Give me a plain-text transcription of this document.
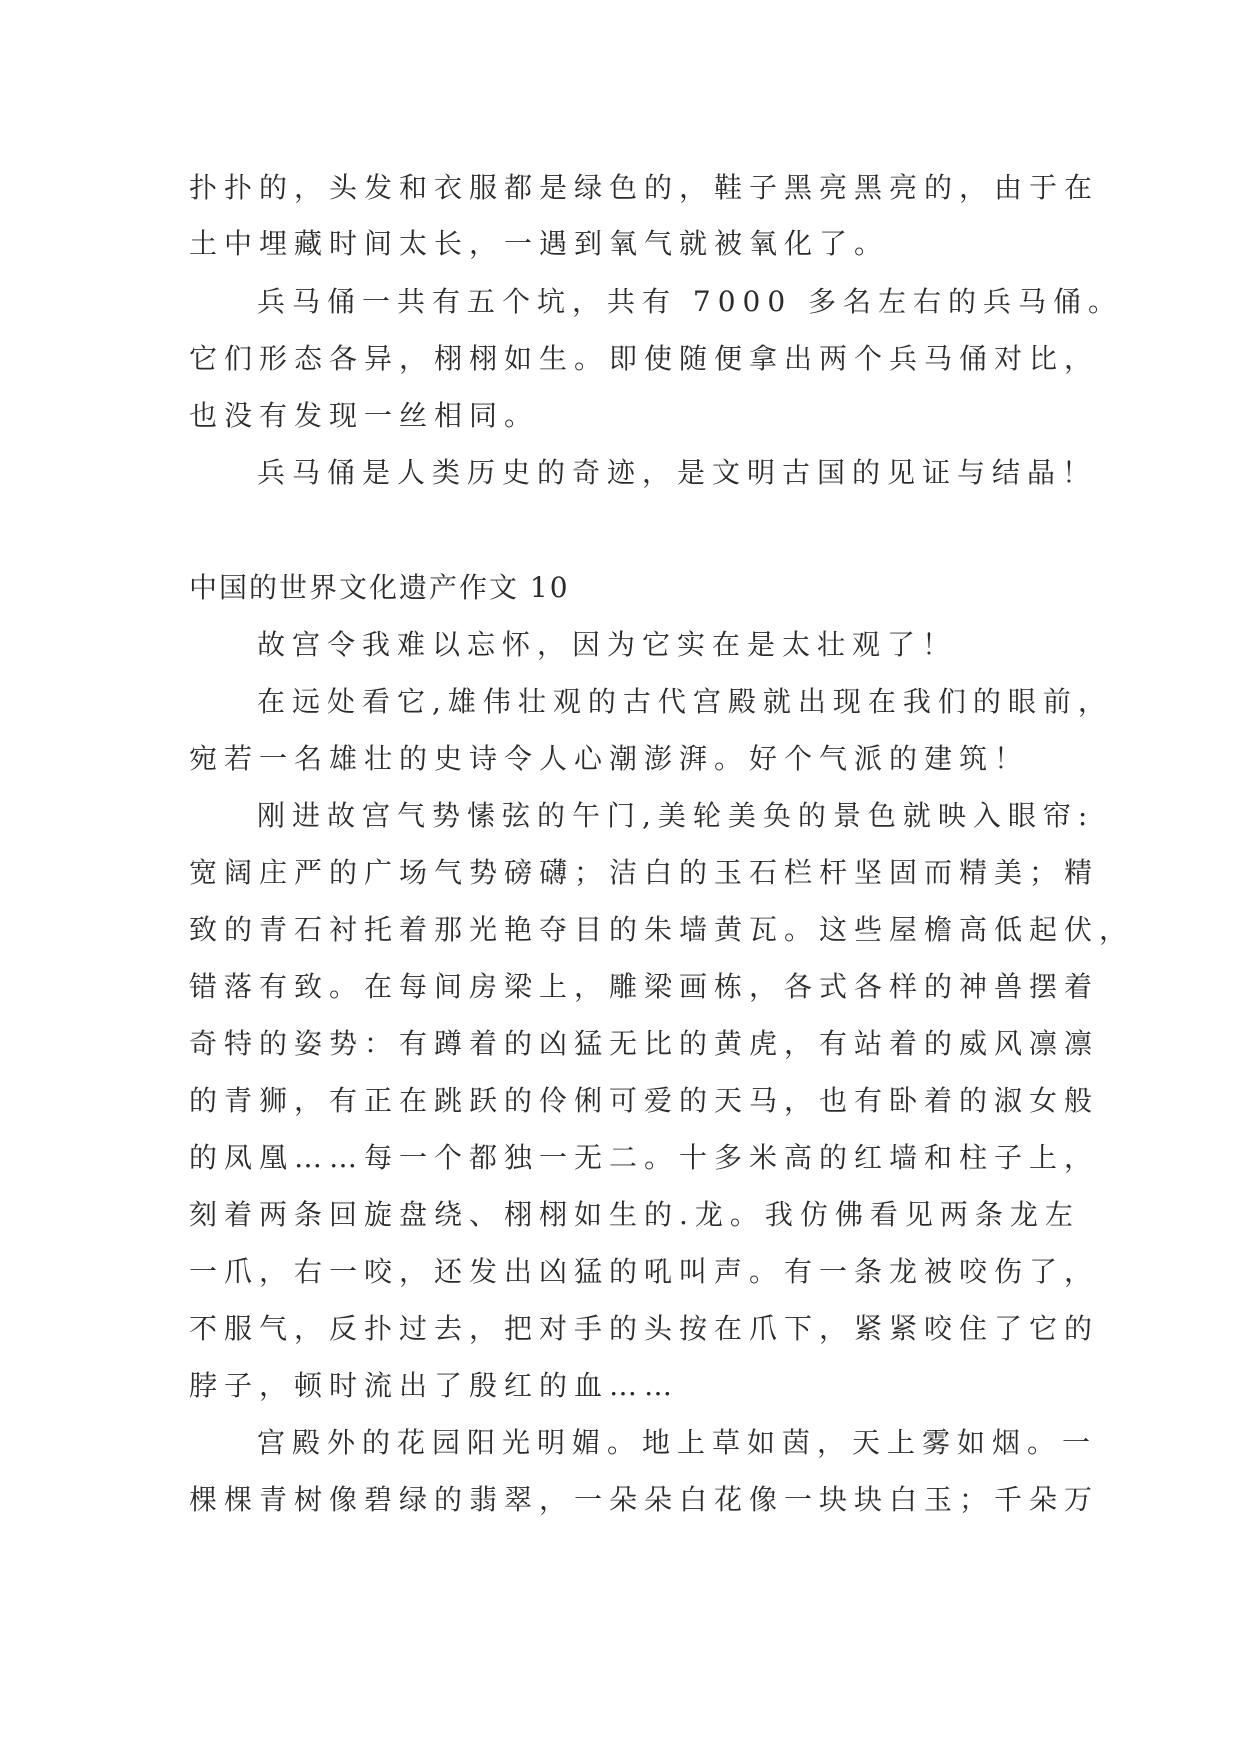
扑扑的，头发和衣服都是绿色的，鞋子黑亮黑亮的，由于在

土中埋藏时间太长，一遇到氧气就被氧化了。

兵马俑一共有五个坑，共有 7000 多名左右的兵马俑。

它们形态各异，栩栩如生。即使随便拿出两个兵马俑对比，

也没有发现一丝相同。

兵马俑是人类历史的奇迹，是文明古国的见证与结晶！

中国的世界文化遗产作文 10

故宫令我难以忘怀，因为它实在是太壮观了！

在远处看它,雄伟壮观的古代宫殿就出现在我们的眼前，

宛若一名雄壮的史诗令人心潮澎湃。好个气派的建筑！

刚进故宫气势愫弦的午门,美轮美奂的景色就映入眼帘:

宽阔庄严的广场气势磅礴；洁白的玉石栏杆坚固而精美；精

致的青石衬托着那光艳夺目的朱墙黄瓦。这些屋檐高低起伏，

错落有致。在每间房梁上，雕梁画栋，各式各样的神兽摆着

奇特的姿势：有蹲着的凶猛无比的黄虎，有站着的威风凛凛

的青狮，有正在跳跃的伶俐可爱的天马，也有卧着的淑女般

的凤凰……每一个都独一无二。十多米高的红墙和柱子上，

刻着两条回旋盘绕、栩栩如生的.龙。我仿佛看见两条龙左

一爪，右一咬，还发出凶猛的吼叫声。有一条龙被咬伤了，

不服气，反扑过去，把对手的头按在爪下，紧紧咬住了它的

脖子，顿时流出了殷红的血……

宫殿外的花园阳光明媚。地上草如茵，天上雾如烟。一

棵棵青树像碧绿的翡翠，一朵朵白花像一块块白玉；千朵万
